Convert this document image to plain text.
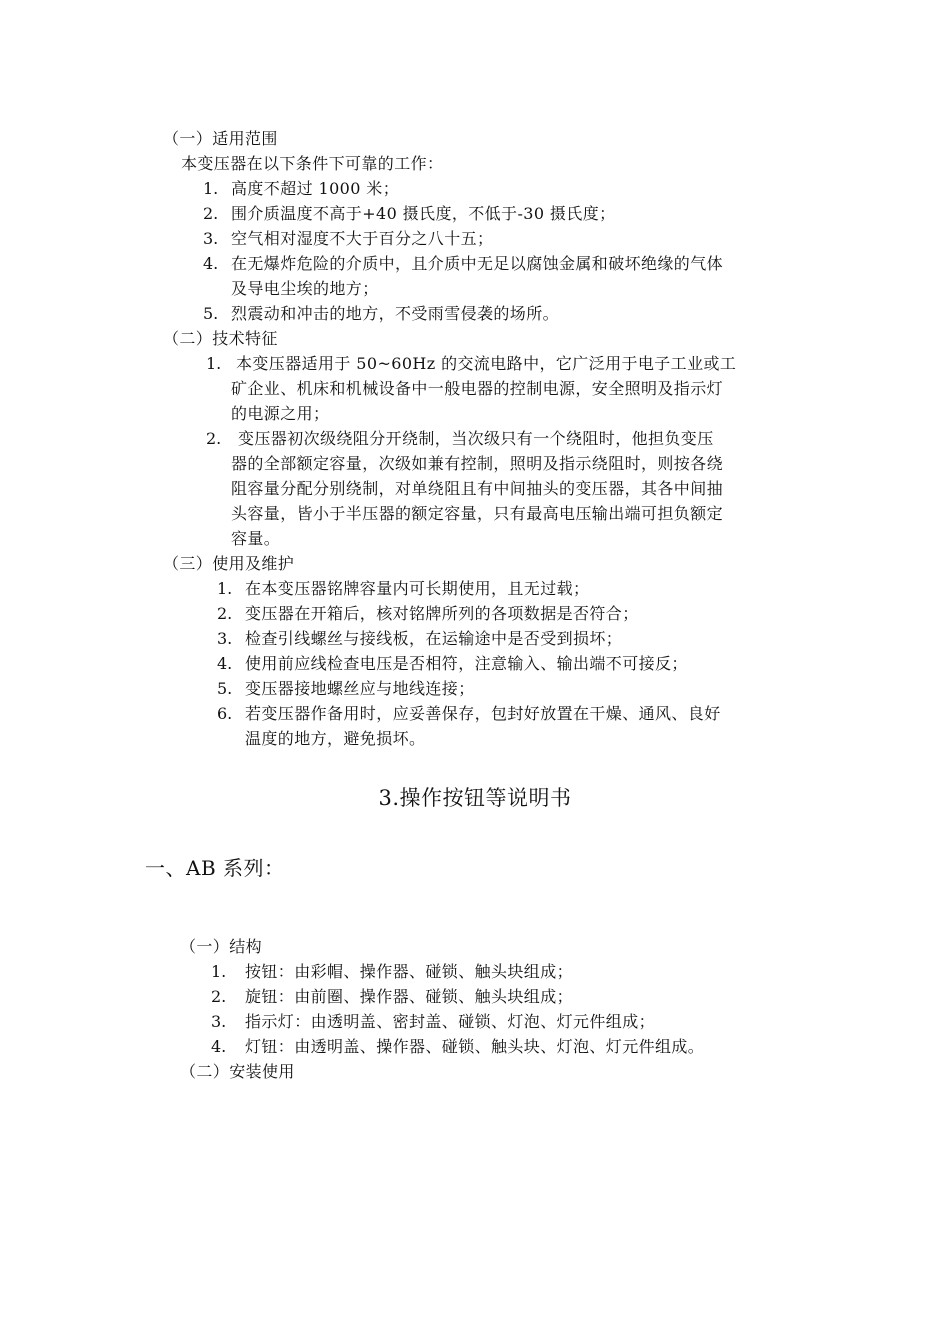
（一）适用范围
本变压器在以下条件下可靠的工作：
1. 高度不超过 1000 米；
2. 围介质温度不高于+40 摄氏度，不低于-30 摄氏度；
3. 空气相对湿度不大于百分之八十五；
4. 在无爆炸危险的介质中，且介质中无足以腐蚀金属和破坏绝缘的气体
及导电尘埃的地方；
5. 烈震动和冲击的地方，不受雨雪侵袭的场所。
（二）技术特征
1. 本变压器适用于 50~60Hz 的交流电路中，它广泛用于电子工业或工
矿企业、机床和机械设备中一般电器的控制电源，安全照明及指示灯
的电源之用；
2. 变压器初次级绕阻分开绕制，当次级只有一个绕阻时，他担负变压
器的全部额定容量，次级如兼有控制，照明及指示绕阻时，则按各绕
阻容量分配分别绕制，对单绕阻且有中间抽头的变压器，其各中间抽
头容量，皆小于半压器的额定容量，只有最高电压输出端可担负额定
容量。
（三）使用及维护
1. 在本变压器铭牌容量内可长期使用，且无过载；
2. 变压器在开箱后，核对铭牌所列的各项数据是否符合；
3. 检查引线螺丝与接线板，在运输途中是否受到损坏；
4. 使用前应线检查电压是否相符，注意输入、输出端不可接反；
5. 变压器接地螺丝应与地线连接；
6. 若变压器作备用时，应妥善保存，包封好放置在干燥、通风、良好
温度的地方，避免损坏。
3.操作按钮等说明书
一、AB 系列：
（一）结构
1. 按钮：由彩帽、操作器、碰锁、触头块组成；
2. 旋钮：由前圈、操作器、碰锁、触头块组成；
3. 指示灯：由透明盖、密封盖、碰锁、灯泡、灯元件组成；
4. 灯钮：由透明盖、操作器、碰锁、触头块、灯泡、灯元件组成。
（二）安装使用
